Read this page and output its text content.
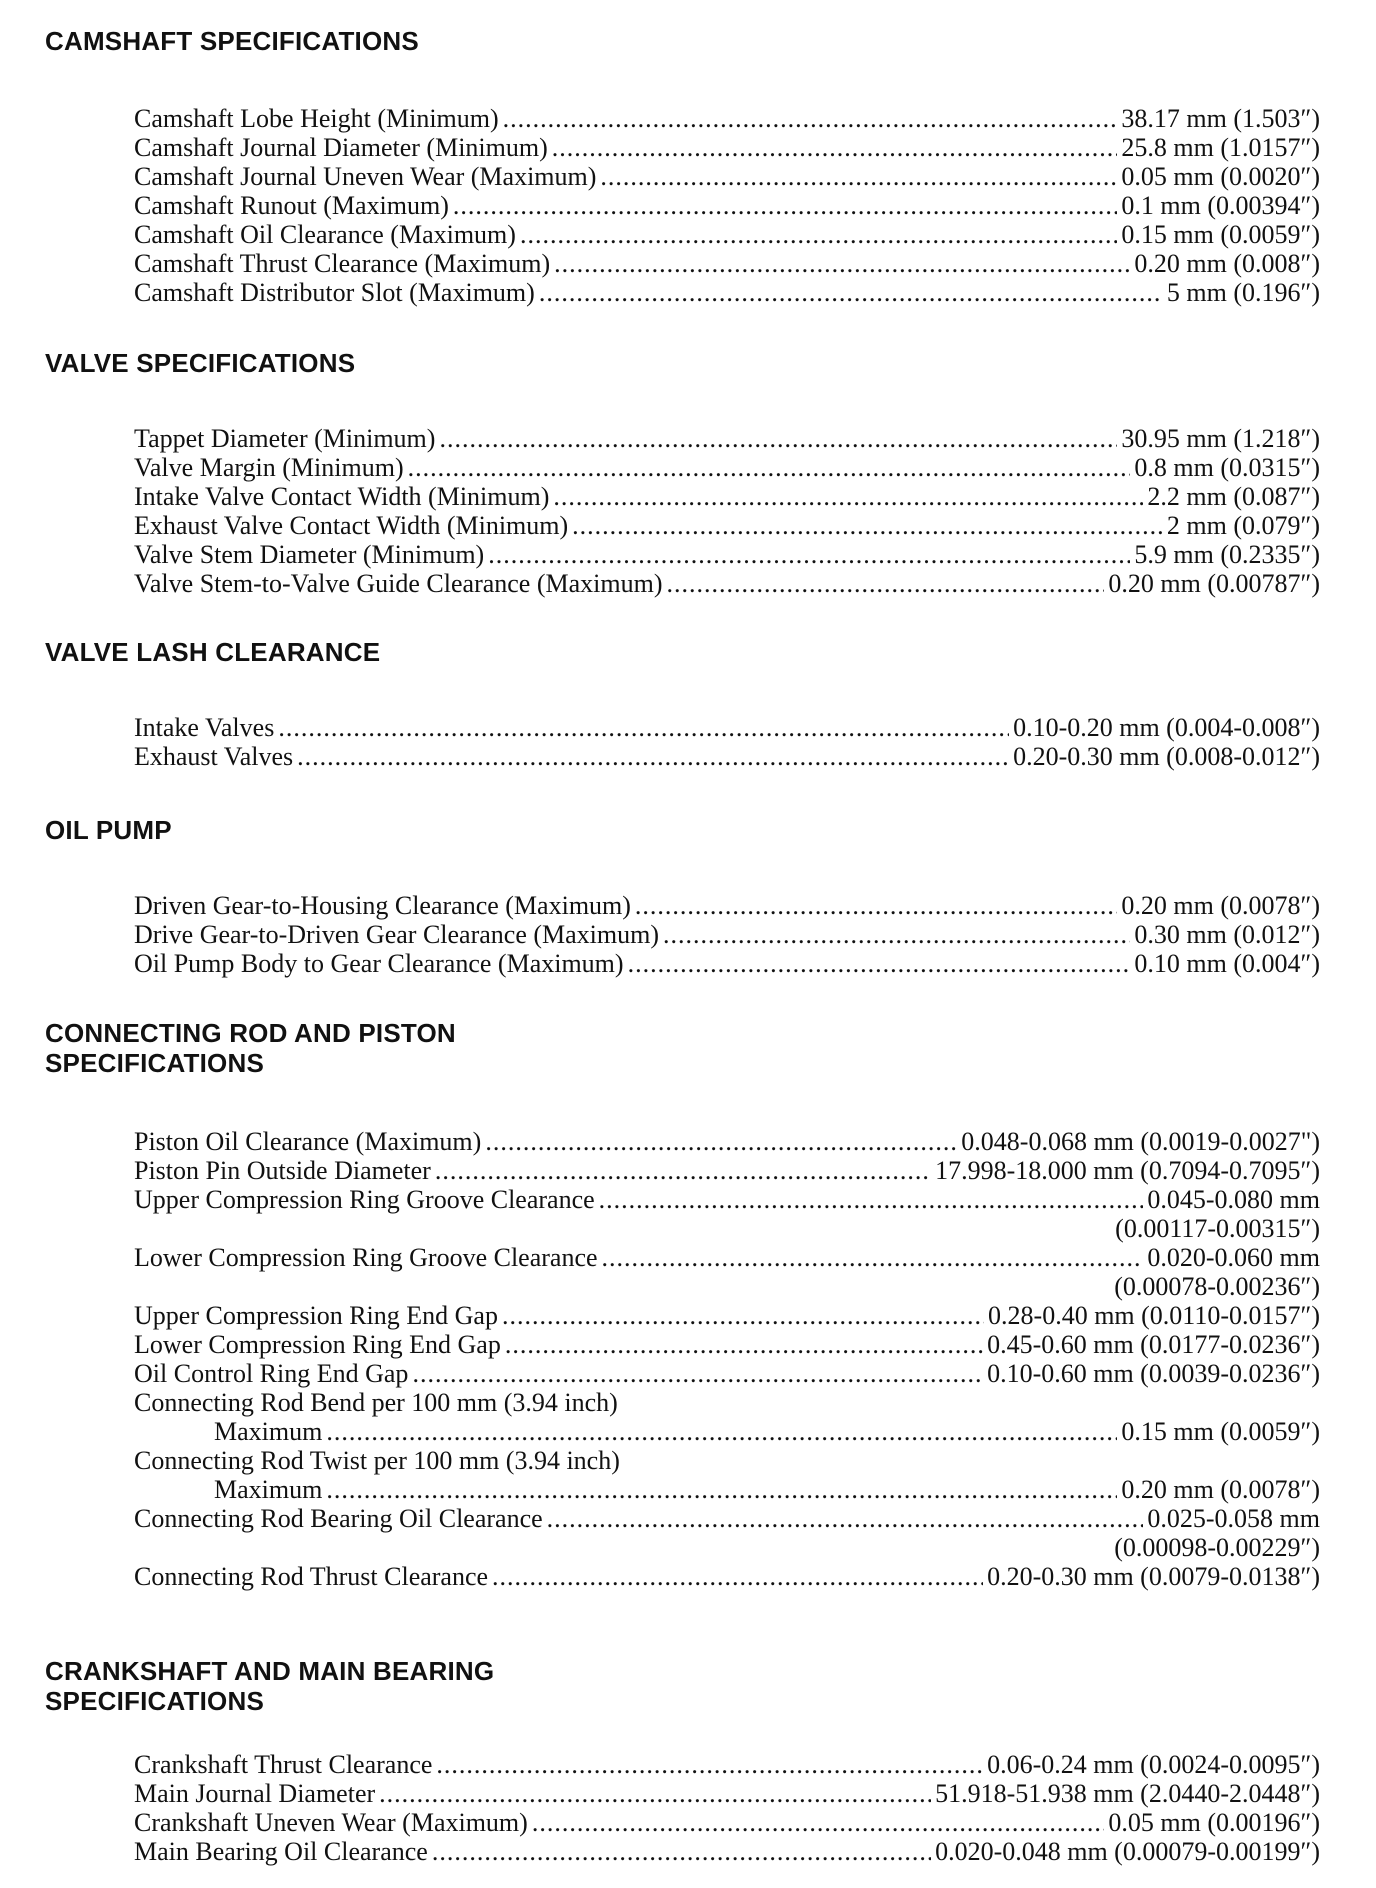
CAMSHAFT SPECIFICATIONS
Camshaft Lobe Height (Minimum) .....	38.17 mm (1.503″)
Camshaft Journal Diameter (Minimum) .....	25.8 mm (1.0157″)
Camshaft Journal Uneven Wear (Maximum) .....	0.05 mm (0.0020″)
Camshaft Runout (Maximum) .....	0.1 mm (0.00394″)
Camshaft Oil Clearance (Maximum) .....	0.15 mm (0.0059″)
Camshaft Thrust Clearance (Maximum) .....	0.20 mm (0.008″)
Camshaft Distributor Slot (Maximum) .....	5 mm (0.196″)
VALVE SPECIFICATIONS
Tappet Diameter (Minimum) .....	30.95 mm (1.218″)
Valve Margin (Minimum) .....	0.8 mm (0.0315″)
Intake Valve Contact Width (Minimum) .....	2.2 mm (0.087″)
Exhaust Valve Contact Width (Minimum) .....	2 mm (0.079″)
Valve Stem Diameter (Minimum) .....	5.9 mm (0.2335″)
Valve Stem-to-Valve Guide Clearance (Maximum) .....	0.20 mm (0.00787″)
VALVE LASH CLEARANCE
Intake Valves .....	0.10-0.20 mm (0.004-0.008″)
Exhaust Valves .....	0.20-0.30 mm (0.008-0.012″)
OIL PUMP
Driven Gear-to-Housing Clearance (Maximum) .....	0.20 mm (0.0078″)
Drive Gear-to-Driven Gear Clearance (Maximum) .....	0.30 mm (0.012″)
Oil Pump Body to Gear Clearance (Maximum) .....	0.10 mm (0.004″)
CONNECTING ROD AND PISTON
SPECIFICATIONS
Piston Oil Clearance (Maximum) .....	0.048-0.068 mm (0.0019-0.0027")
Piston Pin Outside Diameter .....	17.998-18.000 mm (0.7094-0.7095″)
Upper Compression Ring Groove Clearance .....	0.045-0.080 mm
(0.00117-0.00315″)
Lower Compression Ring Groove Clearance .....	0.020-0.060 mm
(0.00078-0.00236″)
Upper Compression Ring End Gap .....	0.28-0.40 mm (0.0110-0.0157″)
Lower Compression Ring End Gap .....	0.45-0.60 mm (0.0177-0.0236″)
Oil Control Ring End Gap .....	0.10-0.60 mm (0.0039-0.0236″)
Connecting Rod Bend per 100 mm (3.94 inch)
Maximum .....	0.15 mm (0.0059″)
Connecting Rod Twist per 100 mm (3.94 inch)
Maximum .....	0.20 mm (0.0078″)
Connecting Rod Bearing Oil Clearance .....	0.025-0.058 mm
(0.00098-0.00229″)
Connecting Rod Thrust Clearance .....	0.20-0.30 mm (0.0079-0.0138″)
CRANKSHAFT AND MAIN BEARING
SPECIFICATIONS
Crankshaft Thrust Clearance .....	0.06-0.24 mm (0.0024-0.0095″)
Main Journal Diameter .....	51.918-51.938 mm (2.0440-2.0448″)
Crankshaft Uneven Wear (Maximum) .....	0.05 mm (0.00196″)
Main Bearing Oil Clearance .....	0.020-0.048 mm (0.00079-0.00199″)
